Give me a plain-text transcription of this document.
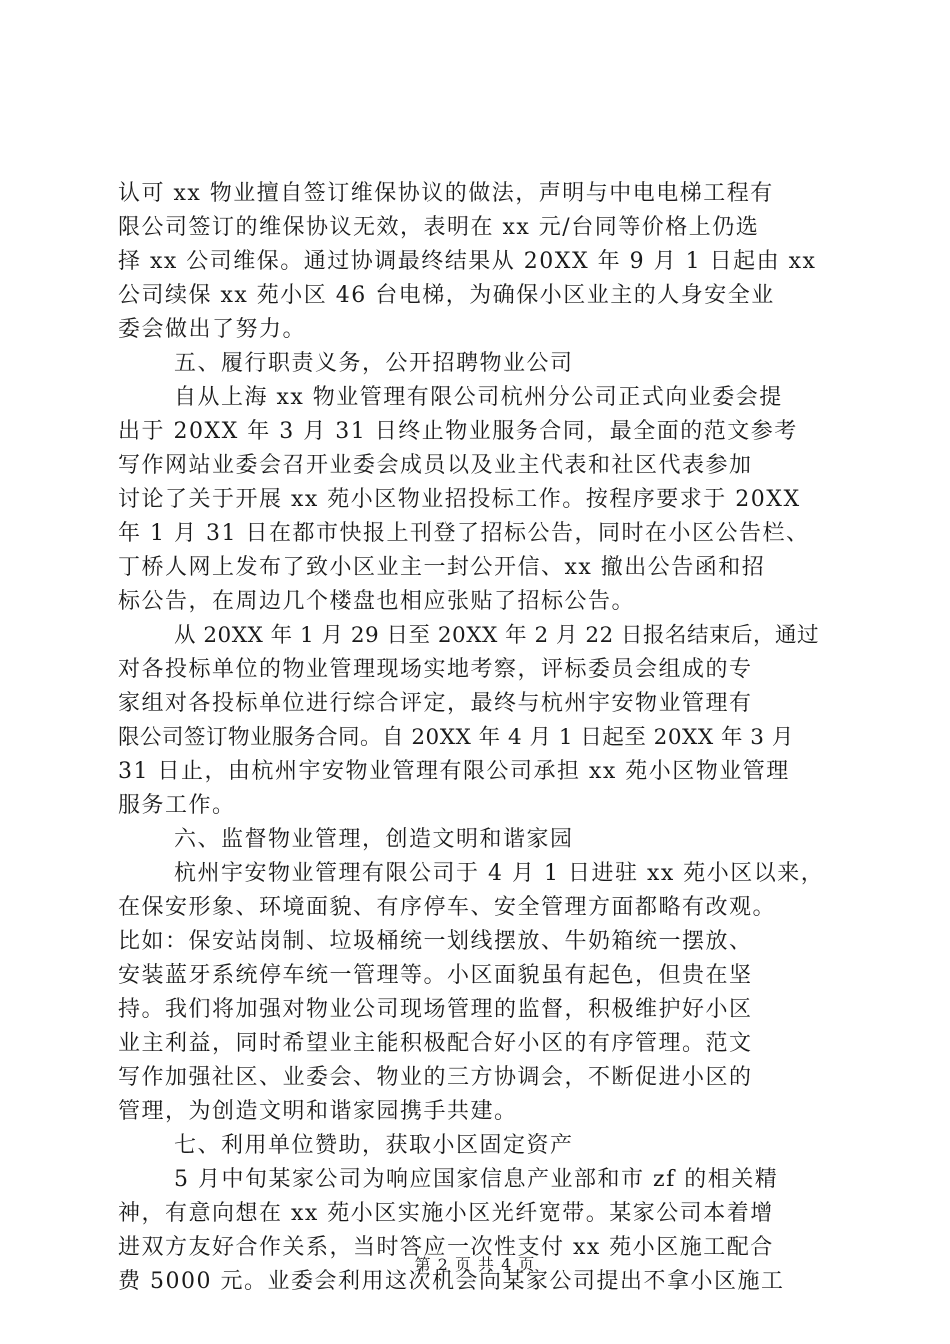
认可 xx 物业擅自签订维保协议的做法，声明与中电电梯工程有
限公司签订的维保协议无效，表明在 xx 元/台同等价格上仍选
择 xx 公司维保。通过协调最终结果从 20XX 年 9 月 1 日起由 xx
公司续保 xx 苑小区 46 台电梯，为确保小区业主的人身安全业
委会做出了努力。
五、履行职责义务，公开招聘物业公司
自从上海 xx 物业管理有限公司杭州分公司正式向业委会提
出于 20XX 年 3 月 31 日终止物业服务合同，最全面的范文参考
写作网站业委会召开业委会成员以及业主代表和社区代表参加
讨论了关于开展 xx 苑小区物业招投标工作。按程序要求于 20XX
年 1 月 31 日在都市快报上刊登了招标公告，同时在小区公告栏、
丁桥人网上发布了致小区业主一封公开信、xx 撤出公告函和招
标公告，在周边几个楼盘也相应张贴了招标公告。
从 20XX 年 1 月 29 日至 20XX 年 2 月 22 日报名结束后，通过
对各投标单位的物业管理现场实地考察，评标委员会组成的专
家组对各投标单位进行综合评定，最终与杭州宇安物业管理有
限公司签订物业服务合同。自 20XX 年 4 月 1 日起至 20XX 年 3 月
31 日止，由杭州宇安物业管理有限公司承担 xx 苑小区物业管理
服务工作。
六、监督物业管理，创造文明和谐家园
杭州宇安物业管理有限公司于 4 月 1 日进驻 xx 苑小区以来，
在保安形象、环境面貌、有序停车、安全管理方面都略有改观。
比如：保安站岗制、垃圾桶统一划线摆放、牛奶箱统一摆放、
安装蓝牙系统停车统一管理等。小区面貌虽有起色，但贵在坚
持。我们将加强对物业公司现场管理的监督，积极维护好小区
业主利益，同时希望业主能积极配合好小区的有序管理。范文
写作加强社区、业委会、物业的三方协调会，不断促进小区的
管理，为创造文明和谐家园携手共建。
七、利用单位赞助，获取小区固定资产
5 月中旬某家公司为响应国家信息产业部和市 zf 的相关精
神，有意向想在 xx 苑小区实施小区光纤宽带。某家公司本着增
进双方友好合作关系，当时答应一次性支付 xx 苑小区施工配合
费 5000 元。业委会利用这次机会向某家公司提出不拿小区施工
第 2 页 共 4 页
